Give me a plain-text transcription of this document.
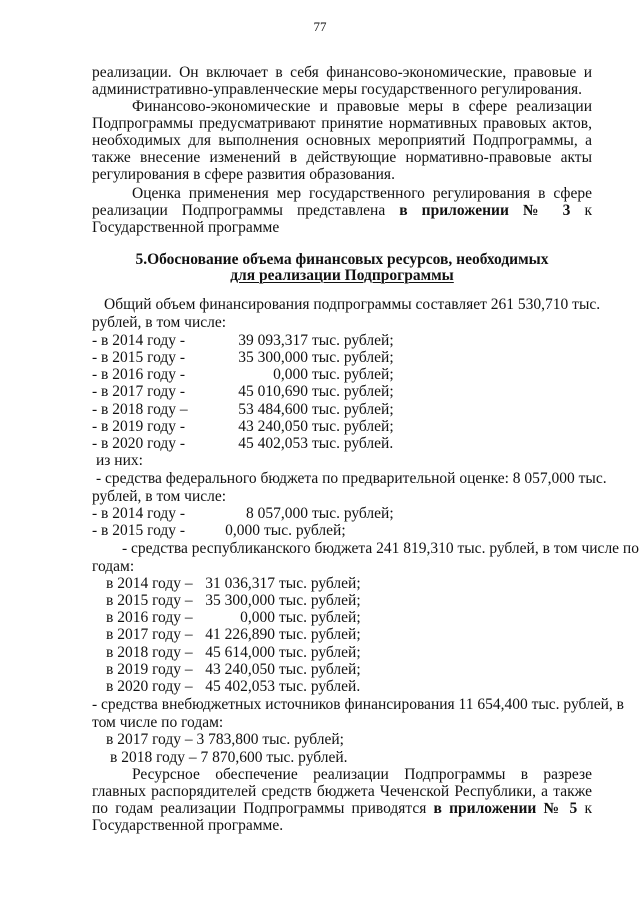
77
реализации. Он включает в себя финансово-экономические, правовые и административно-управленческие меры государственного регулирования.
Финансово-экономические и правовые меры в сфере реализации Подпрограммы предусматривают принятие нормативных правовых актов, необходимых для выполнения основных мероприятий Подпрограммы, а также внесение изменений в действующие нормативно-правовые акты регулирования в сфере развития образования.
Оценка применения мер государственного регулирования в сфере реализации Подпрограммы представлена в приложении № 3 к Государственной программе
5.Обоснование объема финансовых ресурсов, необходимых
для реализации Подпрограммы
Общий объем финансирования подпрограммы составляет 261 530,710 тыс.
рублей, в том числе:
- в 2014 году -	39 093,317 тыс. рублей;
- в 2015 году -	35 300,000 тыс. рублей;
- в 2016 году -	0,000 тыс. рублей;
- в 2017 году -	45 010,690 тыс. рублей;
- в 2018 году –	53 484,600 тыс. рублей;
- в 2019 году -	43 240,050 тыс. рублей;
- в 2020 году -	45 402,053 тыс. рублей.
из них:
- средства федерального бюджета по предварительной оценке: 8 057,000 тыс.
рублей, в том числе:
- в 2014 году -	8 057,000 тыс. рублей;
- в 2015 году -	0,000 тыс. рублей;
- средства республиканского бюджета 241 819,310 тыс. рублей, в том числе по
годам:
в 2014 году – 31 036,317 тыс. рублей;
в 2015 году – 35 300,000 тыс. рублей;
в 2016 году –	0,000 тыс. рублей;
в 2017 году – 41 226,890 тыс. рублей;
в 2018 году – 45 614,000 тыс. рублей;
в 2019 году – 43 240,050 тыс. рублей;
в 2020 году – 45 402,053 тыс. рублей.
- средства внебюджетных источников финансирования 11 654,400 тыс. рублей, в
том числе по годам:
в 2017 году – 3 783,800 тыс. рублей;
в 2018 году – 7 870,600 тыс. рублей.
Ресурсное обеспечение реализации Подпрограммы в разрезе главных распорядителей средств бюджета Чеченской Республики, а также по годам реализации Подпрограммы приводятся в приложении № 5 к Государственной программе.
